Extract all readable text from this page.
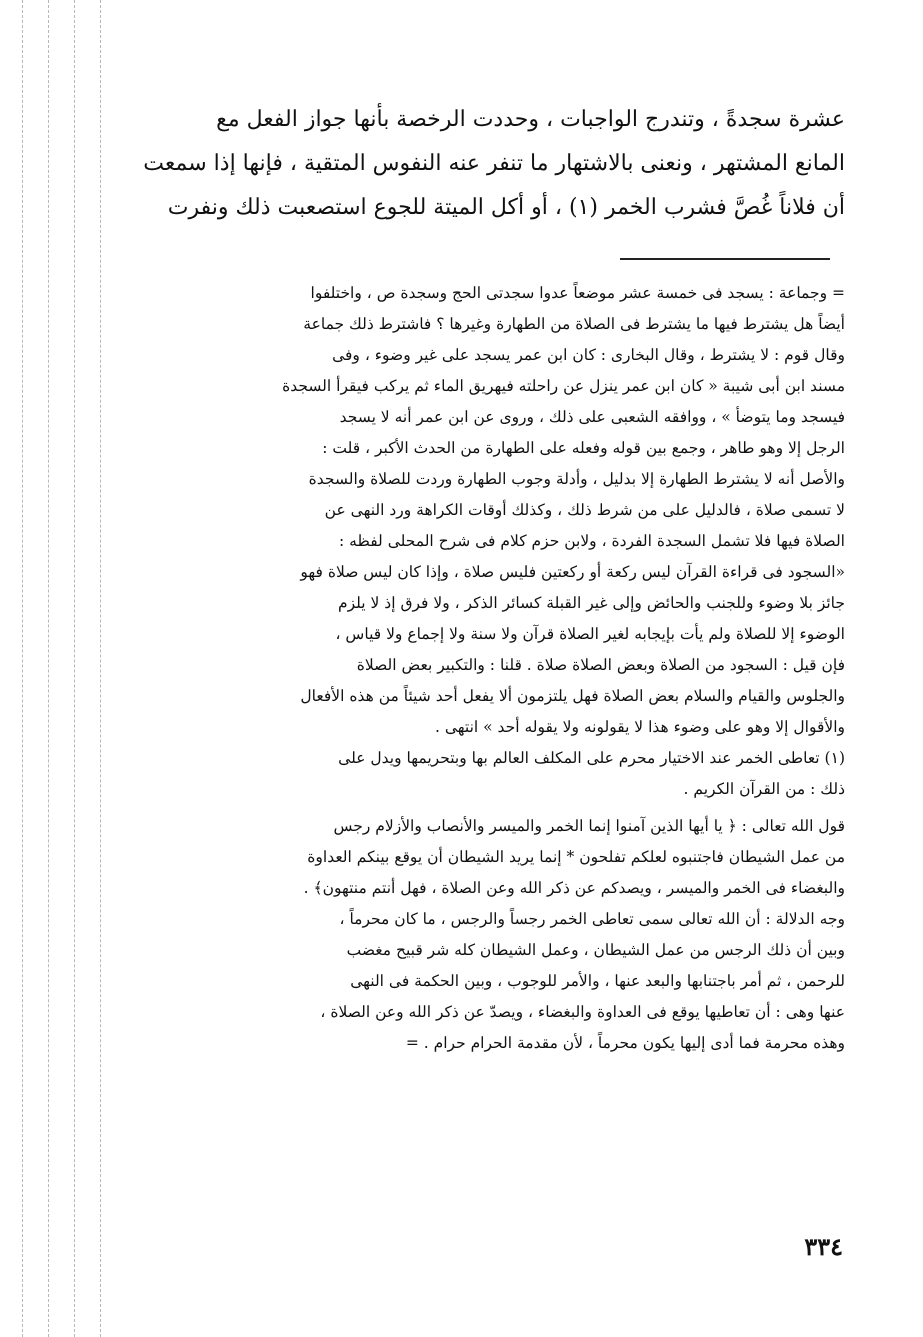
عشرة سجدةً ، وتندرج الواجبات ، وحددت الرخصة بأنها جواز الفعل مع
المانع المشتهر ، ونعنى بالاشتهار ما تنفر عنه النفوس المتقية ، فإنها إذا سمعت
أن فلاناً غُصَّ فشرب الخمر (١) ، أو أكل الميتة للجوع استصعبت ذلك ونفرت
= وجماعة : يسجد فى خمسة عشر موضعاً عدوا سجدتى الحج وسجدة ص ، واختلفوا
أيضاً هل يشترط فيها ما يشترط فى الصلاة من الطهارة وغيرها ؟ فاشترط ذلك جماعة
وقال قوم : لا يشترط ، وقال البخارى : كان ابن عمر يسجد على غير وضوء ، وفى
مسند ابن أبى شيبة « كان ابن عمر ينزل عن راحلته فيهريق الماء ثم يركب فيقرأ السجدة
فيسجد وما يتوضأ » ، ووافقه الشعبى على ذلك ، وروى عن ابن عمر أنه لا يسجد
الرجل إلا وهو طاهر ، وجمع بين قوله وفعله على الطهارة من الحدث الأكبر ، قلت :
والأصل أنه لا يشترط الطهارة إلا بدليل ، وأدلة وجوب الطهارة وردت للصلاة والسجدة
لا تسمى صلاة ، فالدليل على من شرط ذلك ، وكذلك أوقات الكراهة ورد النهى عن
الصلاة فيها فلا تشمل السجدة الفردة ، ولابن حزم كلام فى شرح المحلى لفظه :
«السجود فى قراءة القرآن ليس ركعة أو ركعتين فليس صلاة ، وإذا كان ليس صلاة فهو
جائز بلا وضوء وللجنب والحائض وإلى غير القبلة كسائر الذكر ، ولا فرق إذ لا يلزم
الوضوء إلا للصلاة ولم يأت بإيجابه لغير الصلاة قرآن ولا سنة ولا إجماع ولا قياس ،
فإن قيل : السجود من الصلاة وبعض الصلاة صلاة . قلنا : والتكبير بعض الصلاة
والجلوس والقيام والسلام بعض الصلاة فهل يلتزمون ألا يفعل أحد شيئاً من هذه الأفعال
والأقوال إلا وهو على وضوء هذا لا يقولونه ولا يقوله أحد » انتهى .
(١) تعاطى الخمر عند الاختيار محرم على المكلف العالم بها وبتحريمها ويدل على
ذلك : من القرآن الكريم .
قول الله تعالى : ﴿ يا أيها الذين آمنوا إنما الخمر والميسر والأنصاب والأزلام رجس
من عمل الشيطان فاجتنبوه لعلكم تفلحون * إنما يريد الشيطان أن يوقع بينكم العداوة
والبغضاء فى الخمر والميسر ، ويصدكم عن ذكر الله وعن الصلاة ، فهل أنتم منتهون﴾ .
وجه الدلالة : أن الله تعالى سمى تعاطى الخمر رجساً والرجس ، ما كان محرماً ،
وبين أن ذلك الرجس من عمل الشيطان ، وعمل الشيطان كله شر قبيح مغضب
للرحمن ، ثم أمر باجتنابها والبعد عنها ، والأمر للوجوب ، وبين الحكمة فى النهى
عنها وهى : أن تعاطيها يوقع فى العداوة والبغضاء ، ويصدّ عن ذكر الله وعن الصلاة ،
وهذه محرمة فما أدى إليها يكون محرماً ، لأن مقدمة الحرام حرام . =
٣٣٤
